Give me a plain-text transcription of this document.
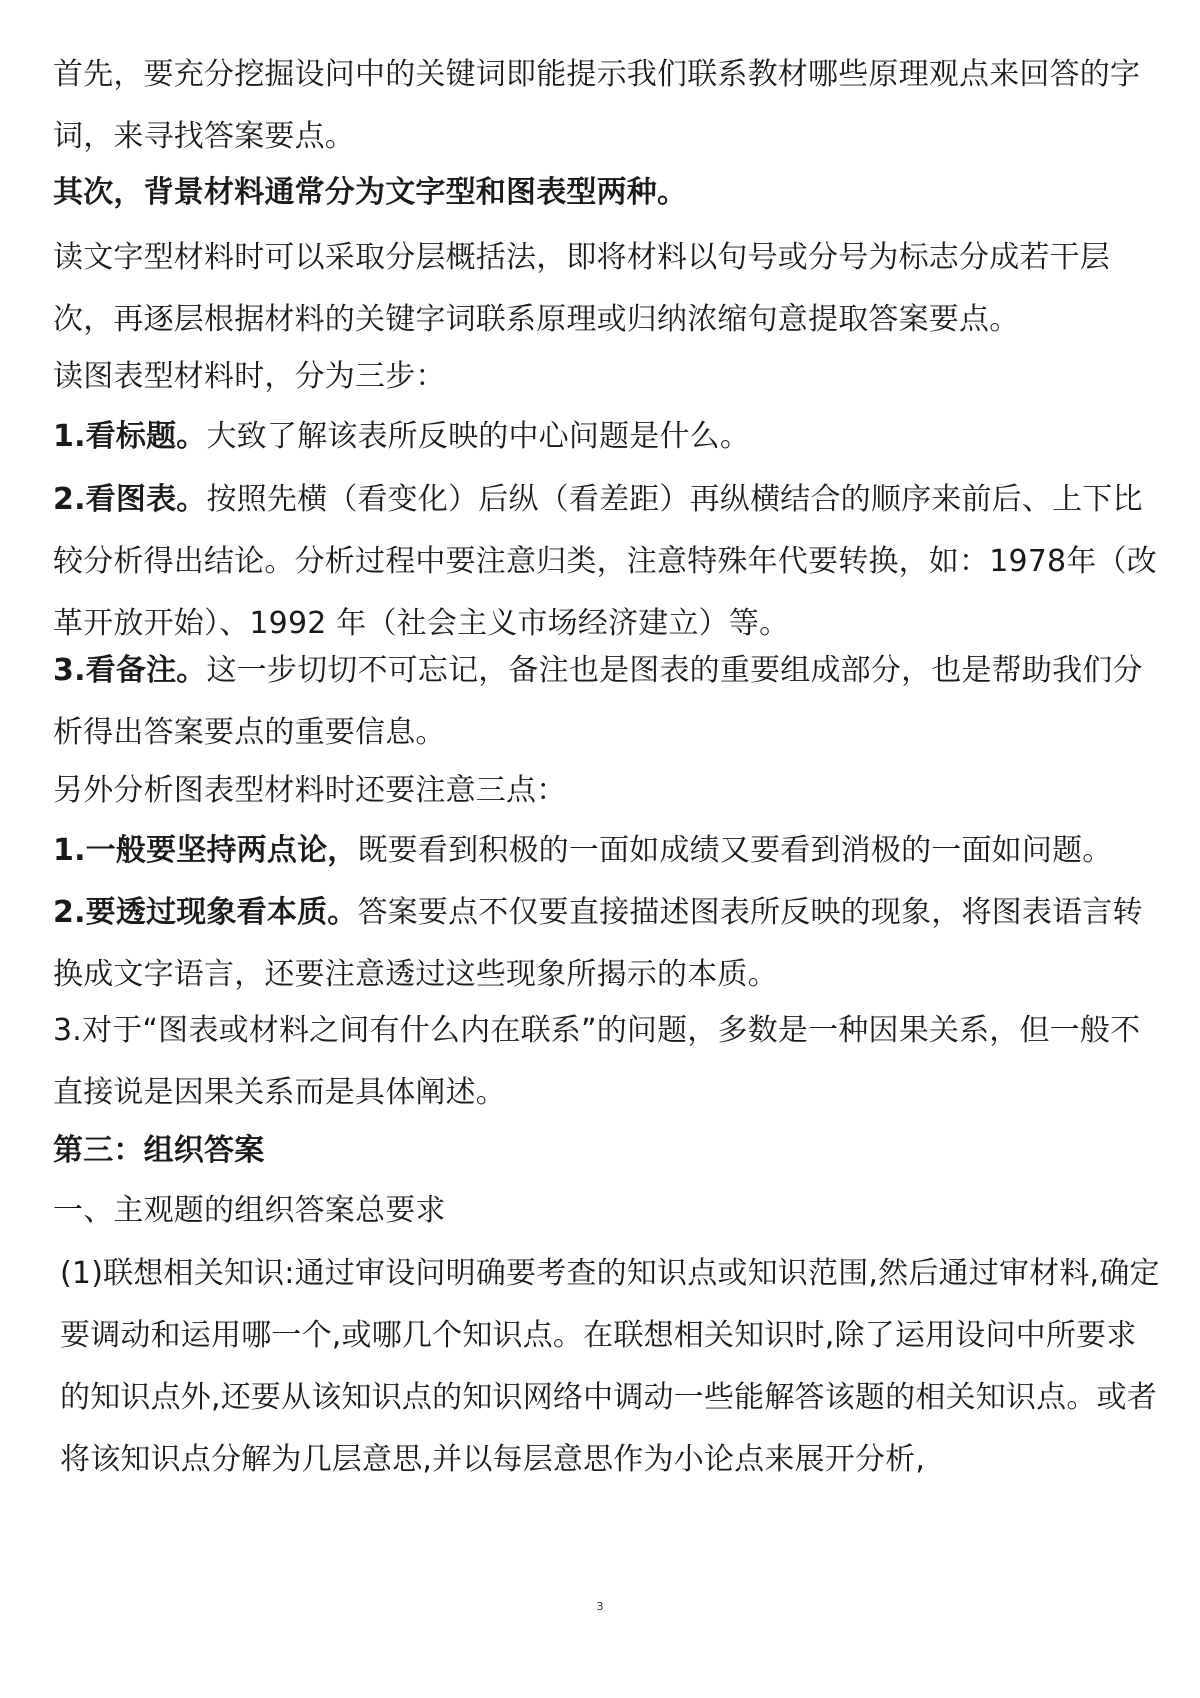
首先，要充分挖掘设问中的关键词即能提示我们联系教材哪些原理观点来回答的字词，来寻找答案要点。

其次，背景材料通常分为文字型和图表型两种。

读文字型材料时可以采取分层概括法，即将材料以句号或分号为标志分成若干层次，再逐层根据材料的关键字词联系原理或归纳浓缩句意提取答案要点。

读图表型材料时，分为三步：

1.看标题。大致了解该表所反映的中心问题是什么。

2.看图表。按照先横（看变化）后纵（看差距）再纵横结合的顺序来前后、上下比较分析得出结论。分析过程中要注意归类，注意特殊年代要转换，如：1978年（改革开放开始）、1992 年（社会主义市场经济建立）等。

3.看备注。这一步切切不可忘记，备注也是图表的重要组成部分，也是帮助我们分析得出答案要点的重要信息。

另外分析图表型材料时还要注意三点：

1.一般要坚持两点论，既要看到积极的一面如成绩又要看到消极的一面如问题。

2.要透过现象看本质。答案要点不仅要直接描述图表所反映的现象，将图表语言转换成文字语言，还要注意透过这些现象所揭示的本质。

3.对于“图表或材料之间有什么内在联系”的问题，多数是一种因果关系，但一般不直接说是因果关系而是具体阐述。

第三：组织答案

一、主观题的组织答案总要求

(1)联想相关知识:通过审设问明确要考查的知识点或知识范围,然后通过审材料,确定要调动和运用哪一个,或哪几个知识点。在联想相关知识时,除了运用设问中所要求的知识点外,还要从该知识点的知识网络中调动一些能解答该题的相关知识点。或者将该知识点分解为几层意思,并以每层意思作为小论点来展开分析,

3
